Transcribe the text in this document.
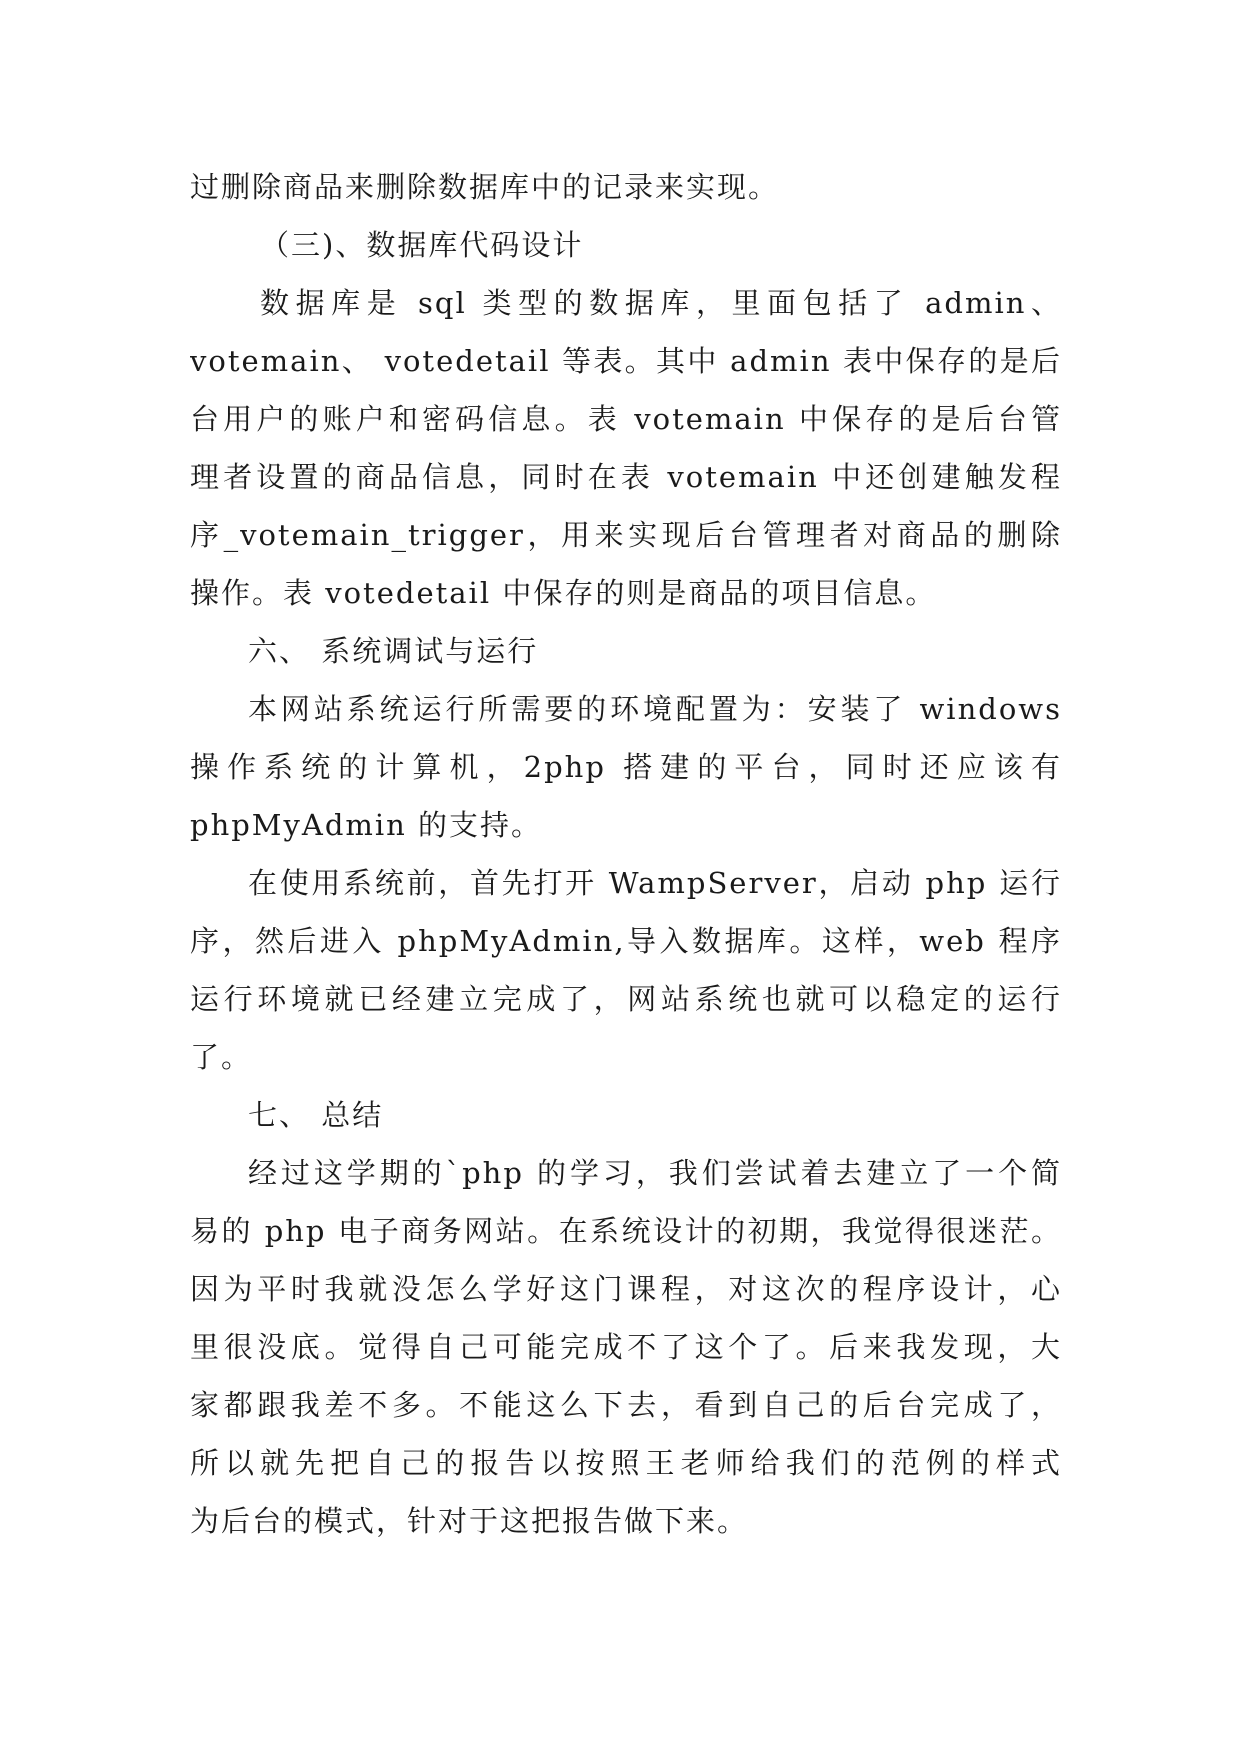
过删除商品来删除数据库中的记录来实现。
（三)、数据库代码设计
数据库是 sql 类型的数据库，里面包括了 admin、
votemain、 votedetail 等表。其中 admin 表中保存的是后
台用户的账户和密码信息。表 votemain 中保存的是后台管
理者设置的商品信息，同时在表 votemain 中还创建触发程
序_votemain_trigger，用来实现后台管理者对商品的删除
操作。表 votedetail 中保存的则是商品的项目信息。
六、 系统调试与运行
本网站系统运行所需要的环境配置为：安装了 windows
操作系统的计算机，2php 搭建的平台，同时还应该有
phpMyAdmin 的支持。
在使用系统前，首先打开 WampServer，启动 php 运行
序，然后进入 phpMyAdmin,导入数据库。这样，web 程序
运行环境就已经建立完成了，网站系统也就可以稳定的运行
了。
七、 总结
经过这学期的`php 的学习，我们尝试着去建立了一个简
易的 php 电子商务网站。在系统设计的初期，我觉得很迷茫。
因为平时我就没怎么学好这门课程，对这次的程序设计，心
里很没底。觉得自己可能完成不了这个了。后来我发现，大
家都跟我差不多。不能这么下去，看到自己的后台完成了，
所以就先把自己的报告以按照王老师给我们的范例的样式
为后台的模式，针对于这把报告做下来。
